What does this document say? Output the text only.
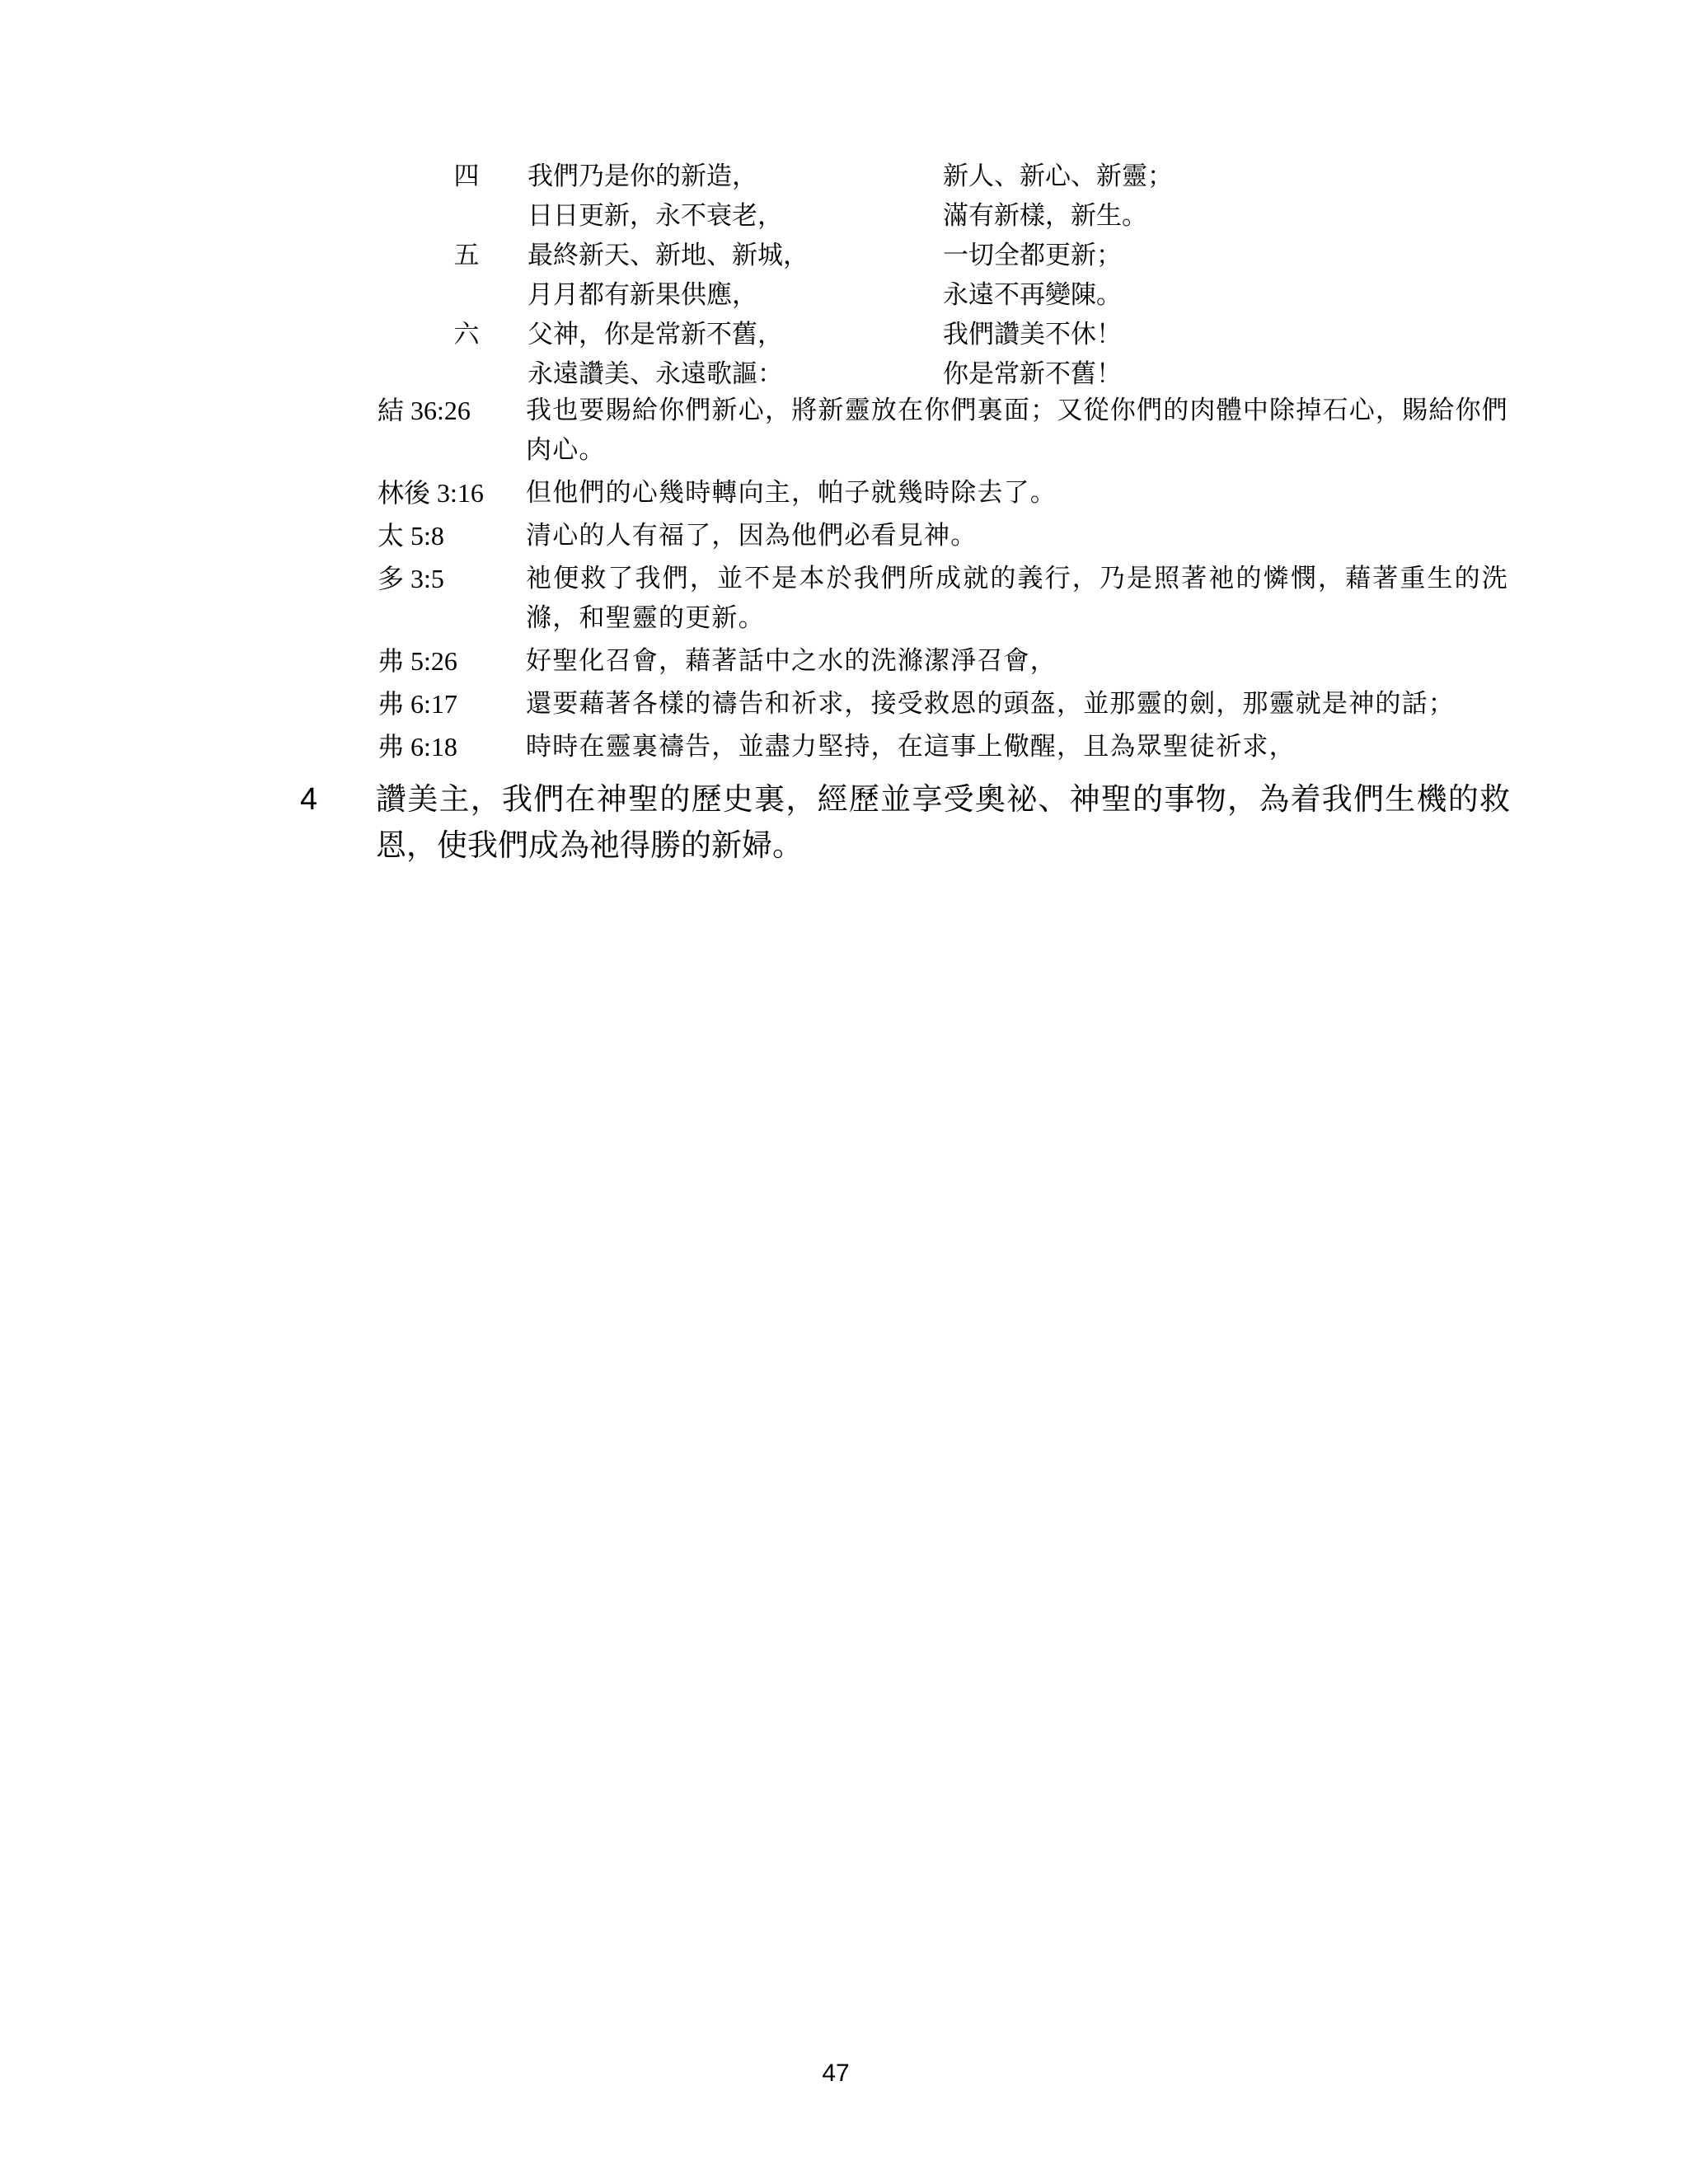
四 我們乃是你的新造，	新人、新心、新靈；
日日更新，永不衰老，	滿有新樣，新生。
五 最終新天、新地、新城，	一切全都更新；
月月都有新果供應，	永遠不再變陳。
六 父神，你是常新不舊，	我們讚美不休！
永遠讚美、永遠歌謳：	你是常新不舊！
結 36:26 我也要賜給你們新心，將新靈放在你們裏面；又從你們的肉體中除掉石心，賜給你們肉心。
林後 3:16 但他們的心幾時轉向主，帕子就幾時除去了。
太 5:8	清心的人有福了，因為他們必看見神。
多 3:5	祂便救了我們，並不是本於我們所成就的義行，乃是照著祂的憐憫，藉著重生的洗滌，和聖靈的更新。
弗 5:26	好聖化召會，藉著話中之水的洗滌潔淨召會，
弗 6:17	還要藉著各樣的禱告和祈求，接受救恩的頭盔，並那靈的劍，那靈就是神的話；
弗 6:18	時時在靈裏禱告，並盡力堅持，在這事上儆醒，且為眾聖徒祈求，
4 讚美主，我們在神聖的歷史裏，經歷並享受奧祕、神聖的事物，為着我們生機的救恩，使我們成為祂得勝的新婦。
47
